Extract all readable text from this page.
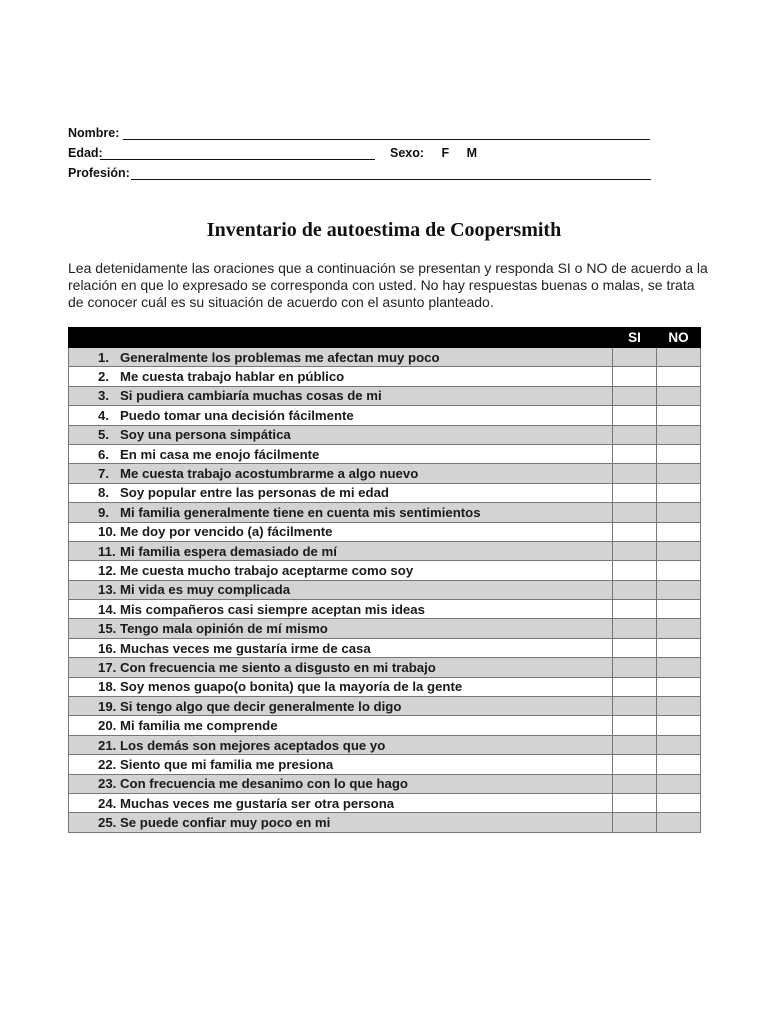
Nombre:
Edad:	Sexo: F M
Profesión:
Inventario de autoestima de Coopersmith
Lea detenidamente las oraciones que a continuación se presentan y responda SI o NO de acuerdo a la relación en que lo expresado se corresponda con usted. No hay respuestas buenas o malas, se trata de conocer cuál es su situación de acuerdo con el asunto planteado.
	SI	NO
1. Generalmente los problemas me afectan muy poco		
2. Me cuesta trabajo hablar en público		
3. Si pudiera cambiaría muchas cosas de mi		
4. Puedo tomar una decisión fácilmente		
5. Soy una persona simpática		
6. En mi casa me enojo fácilmente		
7. Me cuesta trabajo acostumbrarme a algo nuevo		
8. Soy popular entre las personas de mi edad		
9. Mi familia generalmente tiene en cuenta mis sentimientos		
10. Me doy por vencido (a) fácilmente		
11. Mi familia espera demasiado de mí		
12. Me cuesta mucho trabajo aceptarme como soy		
13. Mi vida es muy complicada		
14. Mis compañeros casi siempre aceptan mis ideas		
15. Tengo mala opinión de mí mismo		
16. Muchas veces me gustaría irme de casa		
17. Con frecuencia me siento a disgusto en mi trabajo		
18. Soy menos guapo(o bonita) que la mayoría de la gente		
19. Si tengo algo que decir generalmente lo digo		
20. Mi familia me comprende		
21. Los demás son mejores aceptados que yo		
22. Siento que mi familia me presiona		
23. Con frecuencia me desanimo con lo que hago		
24. Muchas veces me gustaría ser otra persona		
25. Se puede confiar muy poco en mi		
